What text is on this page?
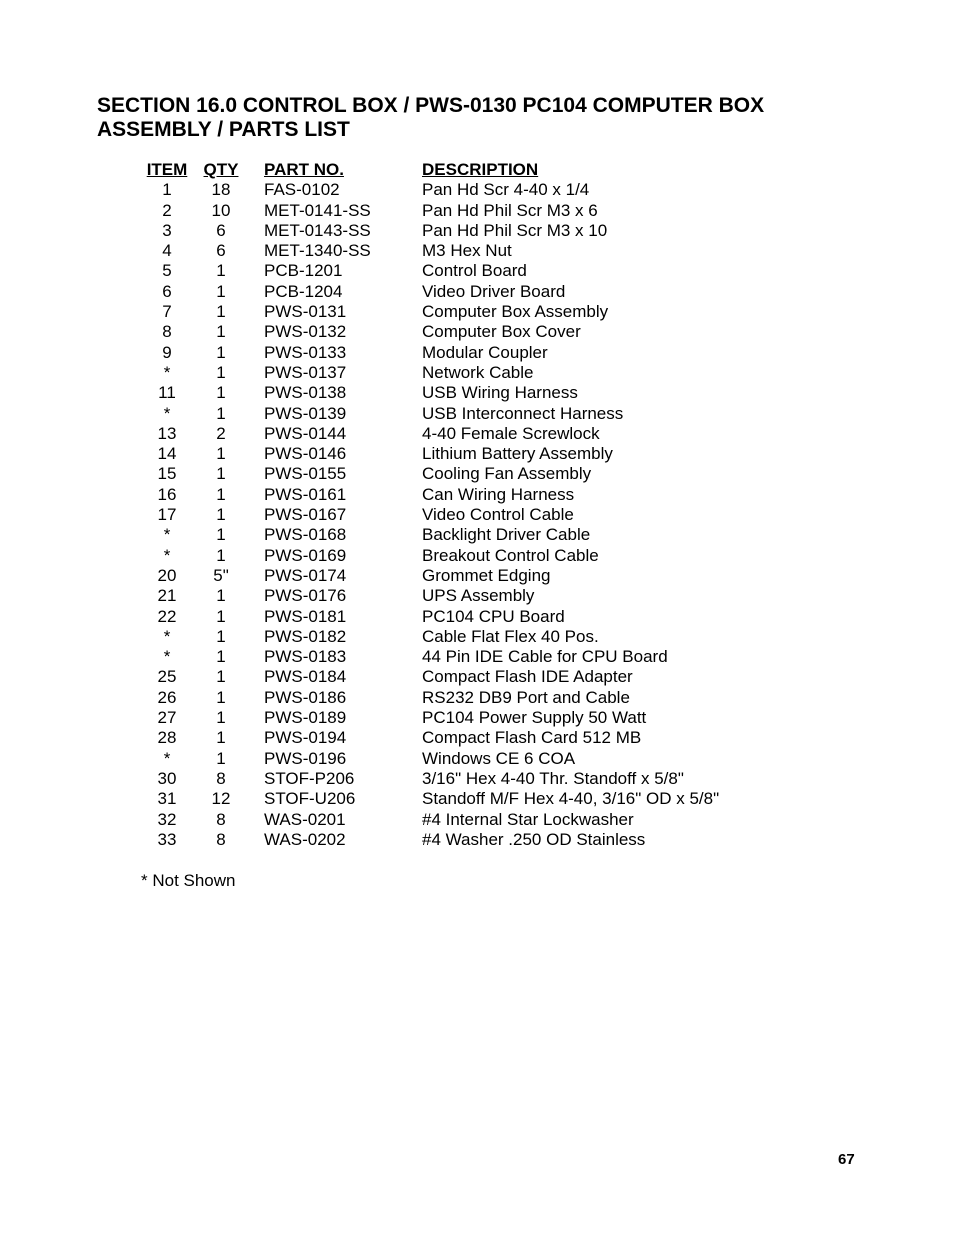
SECTION 16.0 CONTROL BOX / PWS-0130 PC104 COMPUTER BOX ASSEMBLY / PARTS LIST
ITEM	QTY	PART NO.	DESCRIPTION
1	18	FAS-0102	Pan Hd Scr 4-40 x 1/4
2	10	MET-0141-SS	Pan Hd Phil Scr M3 x 6
3	6	MET-0143-SS	Pan Hd Phil Scr M3 x 10
4	6	MET-1340-SS	M3 Hex Nut
5	1	PCB-1201	Control Board
6	1	PCB-1204	Video Driver Board
7	1	PWS-0131	Computer Box Assembly
8	1	PWS-0132	Computer Box Cover
9	1	PWS-0133	Modular Coupler
*	1	PWS-0137	Network Cable
11	1	PWS-0138	USB Wiring Harness
*	1	PWS-0139	USB Interconnect Harness
13	2	PWS-0144	4-40 Female Screwlock
14	1	PWS-0146	Lithium Battery Assembly
15	1	PWS-0155	Cooling Fan Assembly
16	1	PWS-0161	Can Wiring Harness
17	1	PWS-0167	Video Control Cable
*	1	PWS-0168	Backlight Driver Cable
*	1	PWS-0169	Breakout Control Cable
20	5"	PWS-0174	Grommet Edging
21	1	PWS-0176	UPS Assembly
22	1	PWS-0181	PC104 CPU Board
*	1	PWS-0182	Cable Flat Flex 40 Pos.
*	1	PWS-0183	44 Pin IDE Cable for CPU Board
25	1	PWS-0184	Compact Flash IDE Adapter
26	1	PWS-0186	RS232 DB9 Port and Cable
27	1	PWS-0189	PC104 Power Supply 50 Watt
28	1	PWS-0194	Compact Flash Card 512 MB
*	1	PWS-0196	Windows CE 6 COA
30	8	STOF-P206	3/16" Hex 4-40 Thr. Standoff x 5/8"
31	12	STOF-U206	Standoff M/F Hex 4-40, 3/16" OD x 5/8"
32	8	WAS-0201	#4 Internal Star Lockwasher
33	8	WAS-0202	#4 Washer .250 OD Stainless
* Not Shown
67
